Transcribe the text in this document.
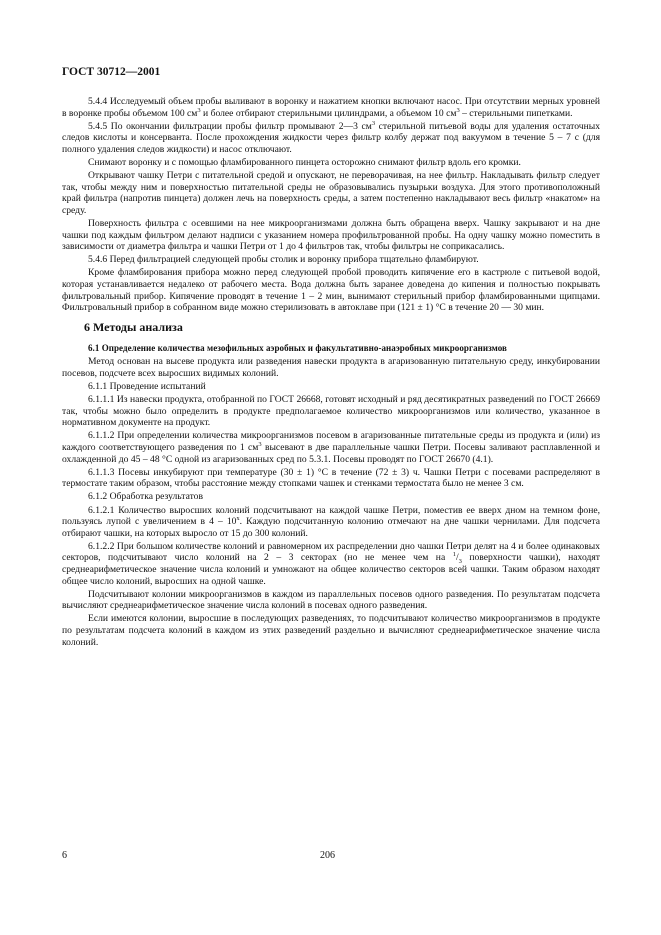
ГОСТ 30712—2001

5.4.4 Исследуемый объем пробы выливают в воронку и нажатием кнопки включают насос. При отсутствии мерных уровней в воронке пробы объемом 100 $см^3$ и более отбирают стерильными цилиндрами, а объемом 10 $см^3$ – стерильными пипетками.

5.4.5 По окончании фильтрации пробы фильтр промывают 2—3 $см^3$ стерильной питьевой воды для удаления остаточных следов кислоты и консерванта. После прохождения жидкости через фильтр колбу держат под вакуумом в течение 5 – 7 с (для полного удаления следов жидкости) и насос отключают.

Снимают воронку и с помощью фламбированного пинцета осторожно снимают фильтр вдоль его кромки.

Открывают чашку Петри с питательной средой и опускают, не переворачивая, на нее фильтр. Накладывать фильтр следует так, чтобы между ним и поверхностью питательной среды не образовывались пузырьки воздуха. Для этого противоположный край фильтра (напротив пинцета) должен лечь на поверхность среды, а затем постепенно накладывают весь фильтр «накатом» на среду.

Поверхность фильтра с осевшими на нее микроорганизмами должна быть обращена вверх. Чашку закрывают и на дне чашки под каждым фильтром делают надписи с указанием номера профильтрованной пробы. На одну чашку можно поместить в зависимости от диаметра фильтра и чашки Петри от 1 до 4 фильтров так, чтобы фильтры не соприкасались.

5.4.6 Перед фильтрацией следующей пробы столик и воронку прибора тщательно фламбируют.

Кроме фламбирования прибора можно перед следующей пробой проводить кипячение его в кастрюле с питьевой водой, которая устанавливается недалеко от рабочего места. Вода должна быть заранее доведена до кипения и полностью покрывать фильтровальный прибор. Кипячение проводят в течение 1 – 2 мин, вынимают стерильный прибор фламбированными щипцами. Фильтровальный прибор в собранном виде можно стерилизовать в автоклаве при (121 ± 1) °С в течение 20 — 30 мин.

6 Методы анализа

6.1 Определение количества мезофильных аэробных и факультативно-анаэробных микроорганизмов

Метод основан на высеве продукта или разведения навески продукта в агаризованную питательную среду, инкубировании посевов, подсчете всех выросших видимых колоний.

6.1.1 Проведение испытаний

6.1.1.1 Из навески продукта, отобранной по ГОСТ 26668, готовят исходный и ряд десятикратных разведений по ГОСТ 26669 так, чтобы можно было определить в продукте предполагаемое количество микроорганизмов или количество, указанное в нормативном документе на продукт.

6.1.1.2 При определении количества микроорганизмов посевом в агаризованные питательные среды из продукта и (или) из каждого соответствующего разведения по 1 $см^3$ высевают в две параллельные чашки Петри. Посевы заливают расплавленной и охлажденной до 45 – 48 °С одной из агаризованных сред по 5.3.1. Посевы проводят по ГОСТ 26670 (4.1).

6.1.1.3 Посевы инкубируют при температуре (30 ± 1) °С в течение (72 ± 3) ч. Чашки Петри с посевами распределяют в термостате таким образом, чтобы расстояние между стопками чашек и стенками термостата было не менее 3 см.

6.1.2 Обработка результатов

6.1.2.1 Количество выросших колоний подсчитывают на каждой чашке Петри, поместив ее вверх дном на темном фоне, пользуясь лупой с увеличением в $4 - 10^х$. Каждую подсчитанную колонию отмечают на дне чашки чернилами. Для подсчета отбирают чашки, на которых выросло от 15 до 300 колоний.

6.1.2.2 При большом количестве колоний и равномерном их распределении дно чашки Петри делят на 4 и более одинаковых секторов, подсчитывают число колоний на 2 – 3 секторах (но не менее чем на $^1/_3$ поверхности чашки), находят среднеарифметическое значение числа колоний и умножают на общее количество секторов всей чашки. Таким образом находят общее число колоний, выросших на одной чашке.

Подсчитывают колонии микроорганизмов в каждом из параллельных посевов одного разведения. По результатам подсчета вычисляют среднеарифметическое значение числа колоний в посевах одного разведения.

Если имеются колонии, выросшие в последующих разведениях, то подсчитывают количество микроорганизмов в продукте по результатам подсчета колоний в каждом из этих разведений раздельно и вычисляют среднеарифметическое значение числа колоний.

6	206
